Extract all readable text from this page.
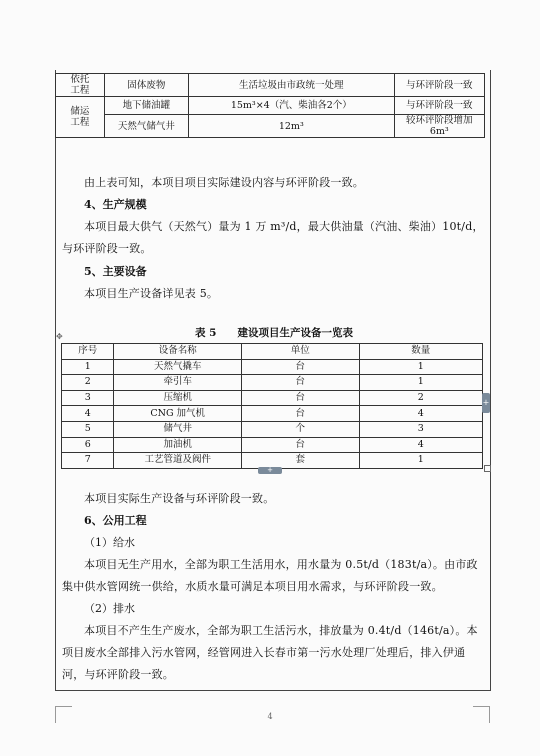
依托
工程	固体废物	生活垃圾由市政统一处理	与环评阶段一致
储运
工程	地下储油罐	15m³×4（汽、柴油各2个）	与环评阶段一致
	天然气储气井	12m³	较环评阶段增加
6m³
由上表可知，本项目项目实际建设内容与环评阶段一致。
4、生产规模
本项目最大供气（天然气）量为 1 万 m³/d，最大供油量（汽油、柴油）10t/d，与环评阶段一致。
5、主要设备
本项目生产设备详见表 5。
表 5　　建设项目生产设备一览表
✥
序号	设备名称	单位	数量
1	天然气撬车	台	1
2	牵引车	台	1
3	压缩机	台	2
4	CNG 加气机	台	4
5	储气井	个	3
6	加油机	台	4
7	工艺管道及阀件	套	1
+
+
本项目实际生产设备与环评阶段一致。
6、公用工程
（1）给水
本项目无生产用水，全部为职工生活用水，用水量为 0.5t/d（183t/a）。由市政集中供水管网统一供给，水质水量可满足本项目用水需求，与环评阶段一致。
（2）排水
本项目不产生生产废水，全部为职工生活污水，排放量为 0.4t/d（146t/a）。本项目废水全部排入污水管网，经管网进入长春市第一污水处理厂处理后，排入伊通河，与环评阶段一致。
4
